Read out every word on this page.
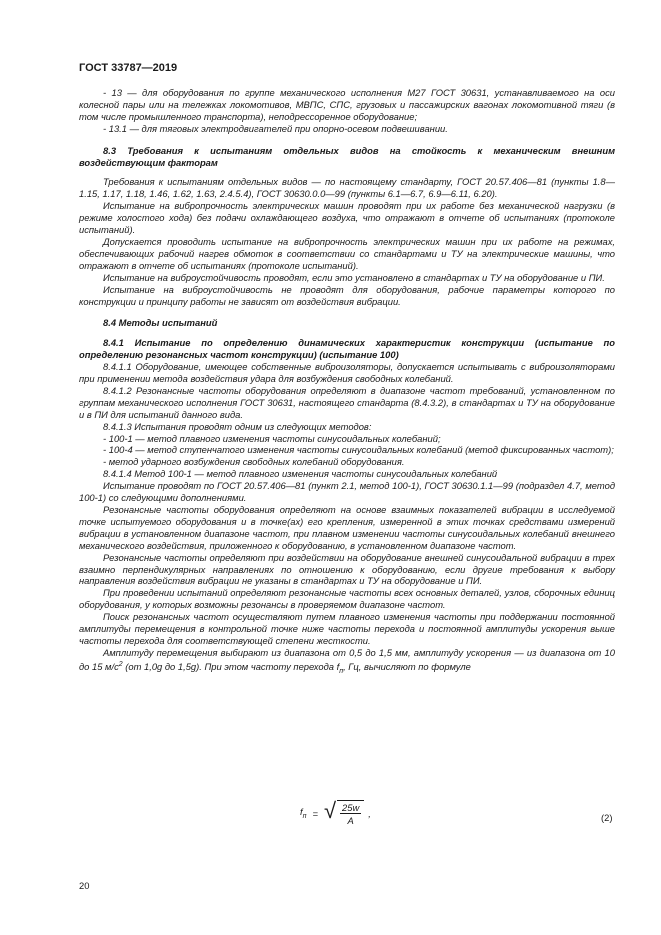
ГОСТ 33787—2019

- 13 — для оборудования по группе механического исполнения М27 ГОСТ 30631, устанавливаемого на оси колесной пары или на тележках локомотивов, МВПС, СПС, грузовых и пассажирских вагонах локомотивной тяги (в том числе промышленного транспорта), неподрессоренное оборудование;

- 13.1 — для тяговых электродвигателей при опорно-осевом подвешивании.

8.3 Требования к испытаниям отдельных видов на стойкость к механическим внешним воздействующим факторам

Требования к испытаниям отдельных видов — по настоящему стандарту, ГОСТ 20.57.406—81 (пункты 1.8—1.15, 1.17, 1.18, 1.46, 1.62, 1.63, 2.4.5.4), ГОСТ 30630.0.0—99 (пункты 6.1—6.7, 6.9—6.11, 6.20).

Испытание на вибропрочность электрических машин проводят при их работе без механической нагрузки (в режиме холостого хода) без подачи охлаждающего воздуха, что отражают в отчете об испытаниях (протоколе испытаний).

Допускается проводить испытание на вибропрочность электрических машин при их работе на режимах, обеспечивающих рабочий нагрев обмоток в соответствии со стандартами и ТУ на электрические машины, что отражают в отчете об испытаниях (протоколе испытаний).

Испытание на виброустойчивость проводят, если это установлено в стандартах и ТУ на оборудование и ПИ.

Испытание на виброустойчивость не проводят для оборудования, рабочие параметры которого по конструкции и принципу работы не зависят от воздействия вибрации.

8.4 Методы испытаний

8.4.1 Испытание по определению динамических характеристик конструкции (испытание по определению резонансных частот конструкции) (испытание 100)

8.4.1.1 Оборудование, имеющее собственные виброизоляторы, допускается испытывать с виброизоляторами при применении метода воздействия удара для возбуждения свободных колебаний.

8.4.1.2 Резонансные частоты оборудования определяют в диапазоне частот требований, установленном по группам механического исполнения ГОСТ 30631, настоящего стандарта (8.4.3.2), в стандартах и ТУ на оборудование и в ПИ для испытаний данного вида.

8.4.1.3 Испытания проводят одним из следующих методов:

- 100-1 — метод плавного изменения частоты синусоидальных колебаний;

- 100-4 — метод ступенчатого изменения частоты синусоидальных колебаний (метод фиксированных частот);

- метод ударного возбуждения свободных колебаний оборудования.

8.4.1.4 Метод 100-1 — метод плавного изменения частоты синусоидальных колебаний

Испытание проводят по ГОСТ 20.57.406—81 (пункт 2.1, метод 100-1), ГОСТ 30630.1.1—99 (подраздел 4.7, метод 100-1) со следующими дополнениями.

Резонансные частоты оборудования определяют на основе взаимных показателей вибрации в исследуемой точке испытуемого оборудования и в точке(ах) его крепления, измеренной в этих точках средствами измерений вибрации в установленном диапазоне частот, при плавном изменении частоты синусоидальных колебаний внешнего механического воздействия, приложенного к оборудованию, в установленном диапазоне частот.

Резонансные частоты определяют при воздействии на оборудование внешней синусоидальной вибрации в трех взаимно перпендикулярных направлениях по отношению к оборудованию, если другие требования к выбору направления воздействия вибрации не указаны в стандартах и ТУ на оборудование и ПИ.

При проведении испытаний определяют резонансные частоты всех основных деталей, узлов, сборочных единиц оборудования, у которых возможны резонансы в проверяемом диапазоне частот.

Поиск резонансных частот осуществляют путем плавного изменения частоты при поддержании постоянной амплитуды перемещения в контрольной точке ниже частоты перехода и постоянной амплитуды ускорения выше частоты перехода для соответствующей степени жесткости.

Амплитуду перемещения выбирают из диапазона от 0,5 до 1,5 мм, амплитуду ускорения — из диапазона от 10 до 15 $м/с^2$ (от 1,0g до 1,5g). При этом частоту перехода $f_п$, Гц, вычисляют по формуле

$f_п$ = √ $\frac{25w}{A}$ ,	(2)
20
